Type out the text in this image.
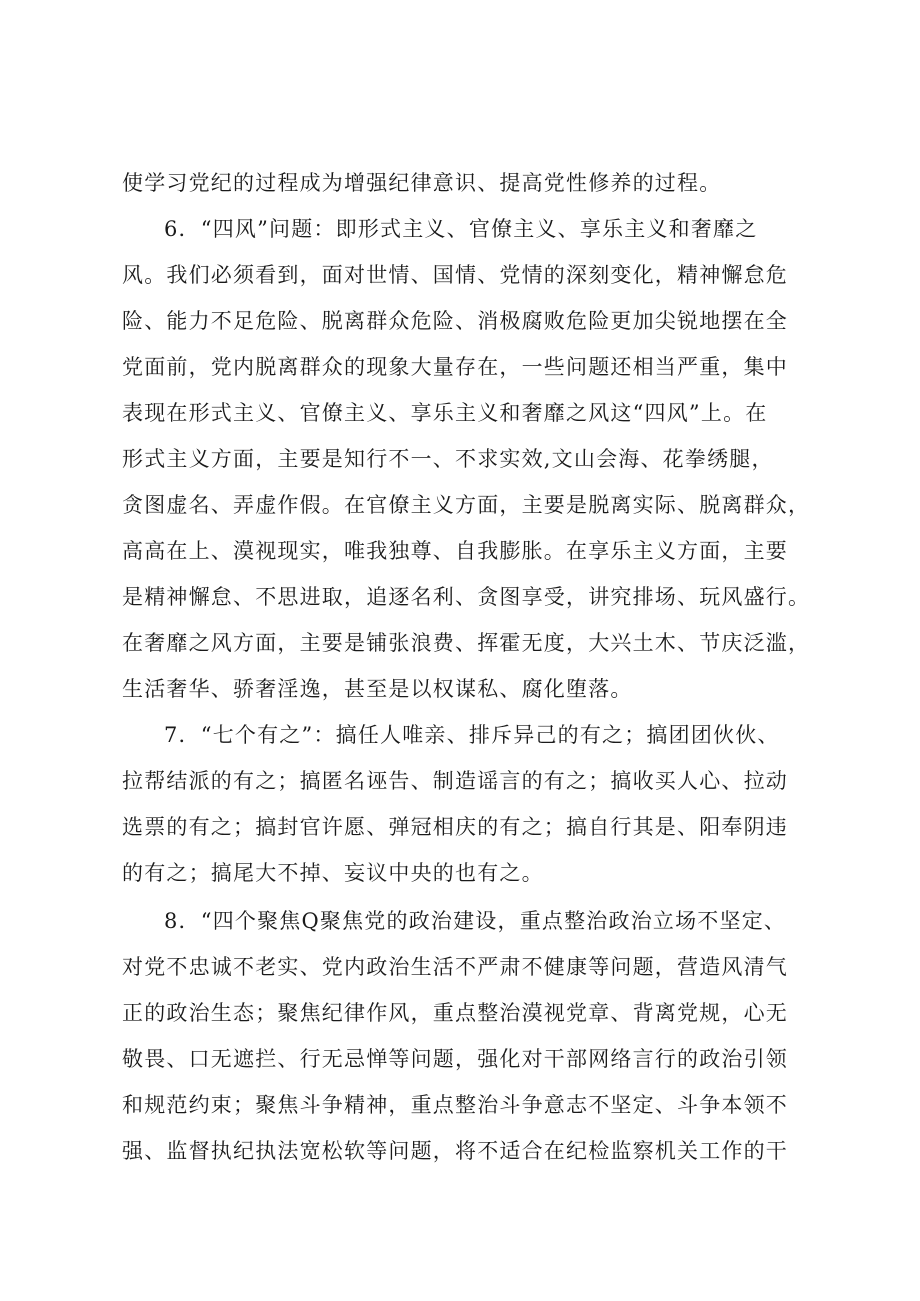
使学习党纪的过程成为增强纪律意识、提高党性修养的过程。
6．“四风”问题：即形式主义、官僚主义、享乐主义和奢靡之
风。我们必须看到，面对世情、国情、党情的深刻变化，精神懈怠危
险、能力不足危险、脱离群众危险、消极腐败危险更加尖锐地摆在全
党面前，党内脱离群众的现象大量存在，一些问题还相当严重，集中
表现在形式主义、官僚主义、享乐主义和奢靡之风这“四风”上。在
形式主义方面，主要是知行不一、不求实效,文山会海、花拳绣腿，
贪图虚名、弄虚作假。在官僚主义方面，主要是脱离实际、脱离群众，
高高在上、漠视现实，唯我独尊、自我膨胀。在享乐主义方面，主要
是精神懈怠、不思进取，追逐名利、贪图享受，讲究排场、玩风盛行。
在奢靡之风方面，主要是铺张浪费、挥霍无度，大兴土木、节庆泛滥，
生活奢华、骄奢淫逸，甚至是以权谋私、腐化堕落。
7．“七个有之”：搞任人唯亲、排斥异己的有之；搞团团伙伙、
拉帮结派的有之；搞匿名诬告、制造谣言的有之；搞收买人心、拉动
选票的有之；搞封官许愿、弹冠相庆的有之；搞自行其是、阳奉阴违
的有之；搞尾大不掉、妄议中央的也有之。
8．“四个聚焦Q聚焦党的政治建设，重点整治政治立场不坚定、
对党不忠诚不老实、党内政治生活不严肃不健康等问题，营造风清气
正的政治生态；聚焦纪律作风，重点整治漠视党章、背离党规，心无
敬畏、口无遮拦、行无忌惮等问题，强化对干部网络言行的政治引领
和规范约束；聚焦斗争精神，重点整治斗争意志不坚定、斗争本领不
强、监督执纪执法宽松软等问题，将不适合在纪检监察机关工作的干
